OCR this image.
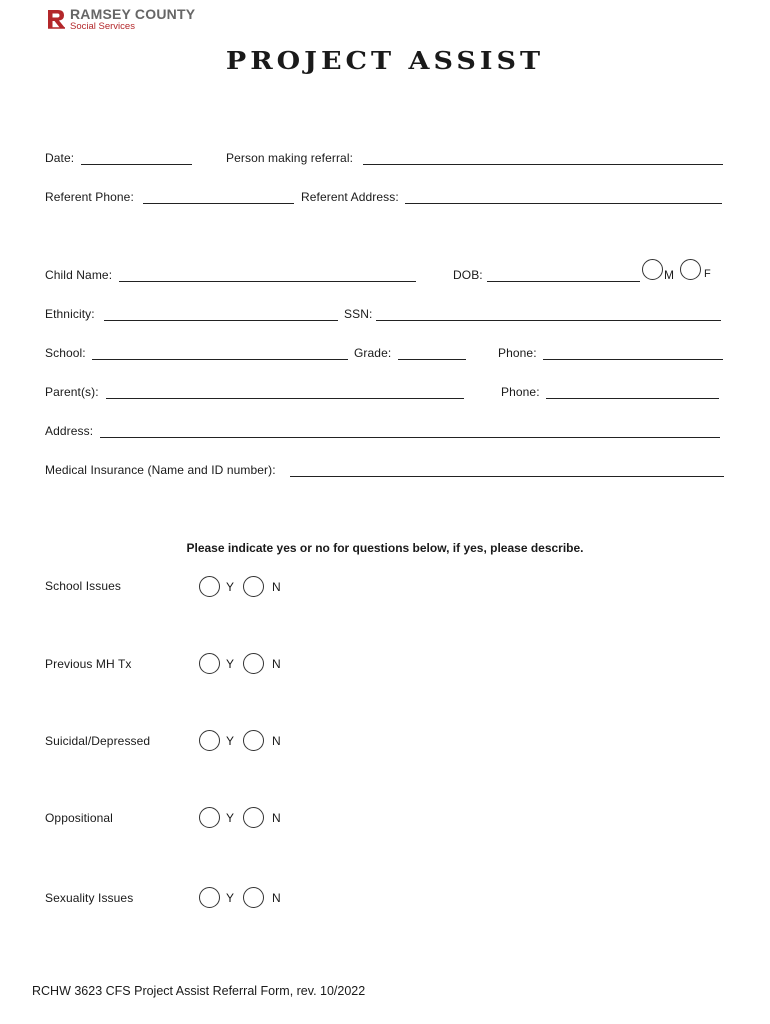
RAMSEY COUNTY
Social Services
PROJECT ASSIST
Date:	Person making referral:
Referent Phone:	Referent Address:
Child Name:	DOB:	M	F
Ethnicity:	SSN:
School:	Grade:	Phone:
Parent(s):	Phone:
Address:
Medical Insurance (Name and ID number):
Please indicate yes or no for questions below, if yes, please describe.
School Issues	Y	N
Previous MH Tx	Y	N
Suicidal/Depressed	Y	N
Oppositional	Y	N
Sexuality Issues	Y	N
RCHW 3623 CFS Project Assist Referral Form, rev. 10/2022
